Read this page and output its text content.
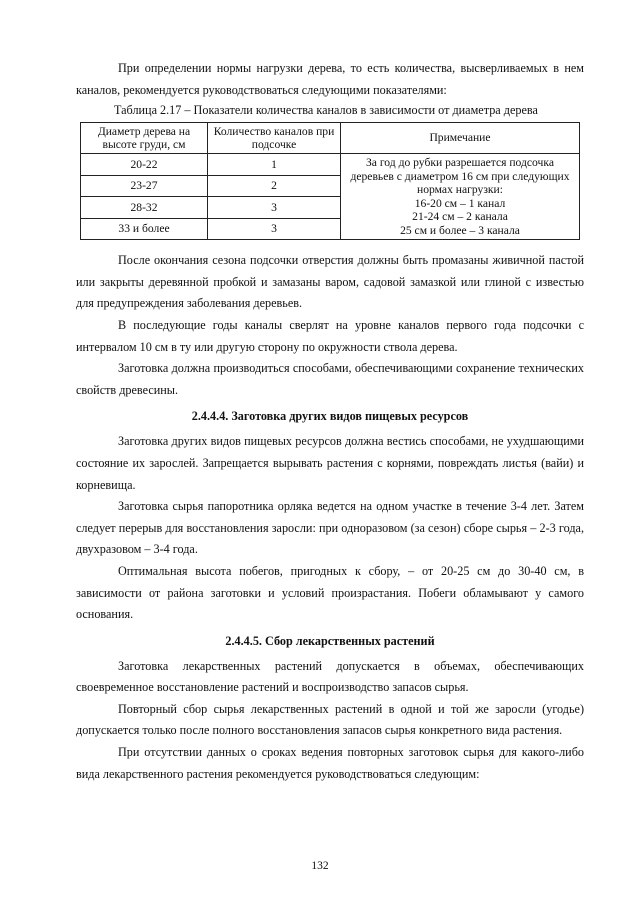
При определении нормы нагрузки дерева, то есть количества, высверливаемых в нем каналов, рекомендуется руководствоваться следующими показателями:

Таблица 2.17 – Показатели количества каналов в зависимости от диаметра дерева
Диаметр дерева на высоте груди, см	Количество каналов при подсочке	Примечание
20-22	1	За год до рубки разрешается подсочка деревьев с диаметром 16 см при следующих нормах нагрузки:
16-20 см – 1 канал
21-24 см – 2 канала
25 см и более – 3 канала

23-27	2	
28-32	3	
33 и более	3	

После окончания сезона подсочки отверстия должны быть промазаны живичной пастой или закрыты деревянной пробкой и замазаны варом, садовой замазкой или глиной с известью для предупреждения заболевания деревьев.

В последующие годы каналы сверлят на уровне каналов первого года подсочки с интервалом 10 см в ту или другую сторону по окружности ствола дерева.

Заготовка должна производиться способами, обеспечивающими сохранение технических свойств древесины.

2.4.4.4. Заготовка других видов пищевых ресурсов

Заготовка других видов пищевых ресурсов должна вестись способами, не ухудшающими состояние их зарослей. Запрещается вырывать растения с корнями, повреждать листья (вайи) и корневища.

Заготовка сырья папоротника орляка ведется на одном участке в течение 3-4 лет. Затем следует перерыв для восстановления заросли: при одноразовом (за сезон) сборе сырья – 2-3 года, двухразовом – 3-4 года.

Оптимальная высота побегов, пригодных к сбору, – от 20-25 см до 30-40 см, в зависимости от района заготовки и условий произрастания. Побеги обламывают у самого основания.

2.4.4.5. Сбор лекарственных растений

Заготовка лекарственных растений допускается в объемах, обеспечивающих своевременное восстановление растений и воспроизводство запасов сырья.

Повторный сбор сырья лекарственных растений в одной и той же заросли (угодье) допускается только после полного восстановления запасов сырья конкретного вида растения.

При отсутствии данных о сроках ведения повторных заготовок сырья для какого-либо вида лекарственного растения рекомендуется руководствоваться следующим:

132
